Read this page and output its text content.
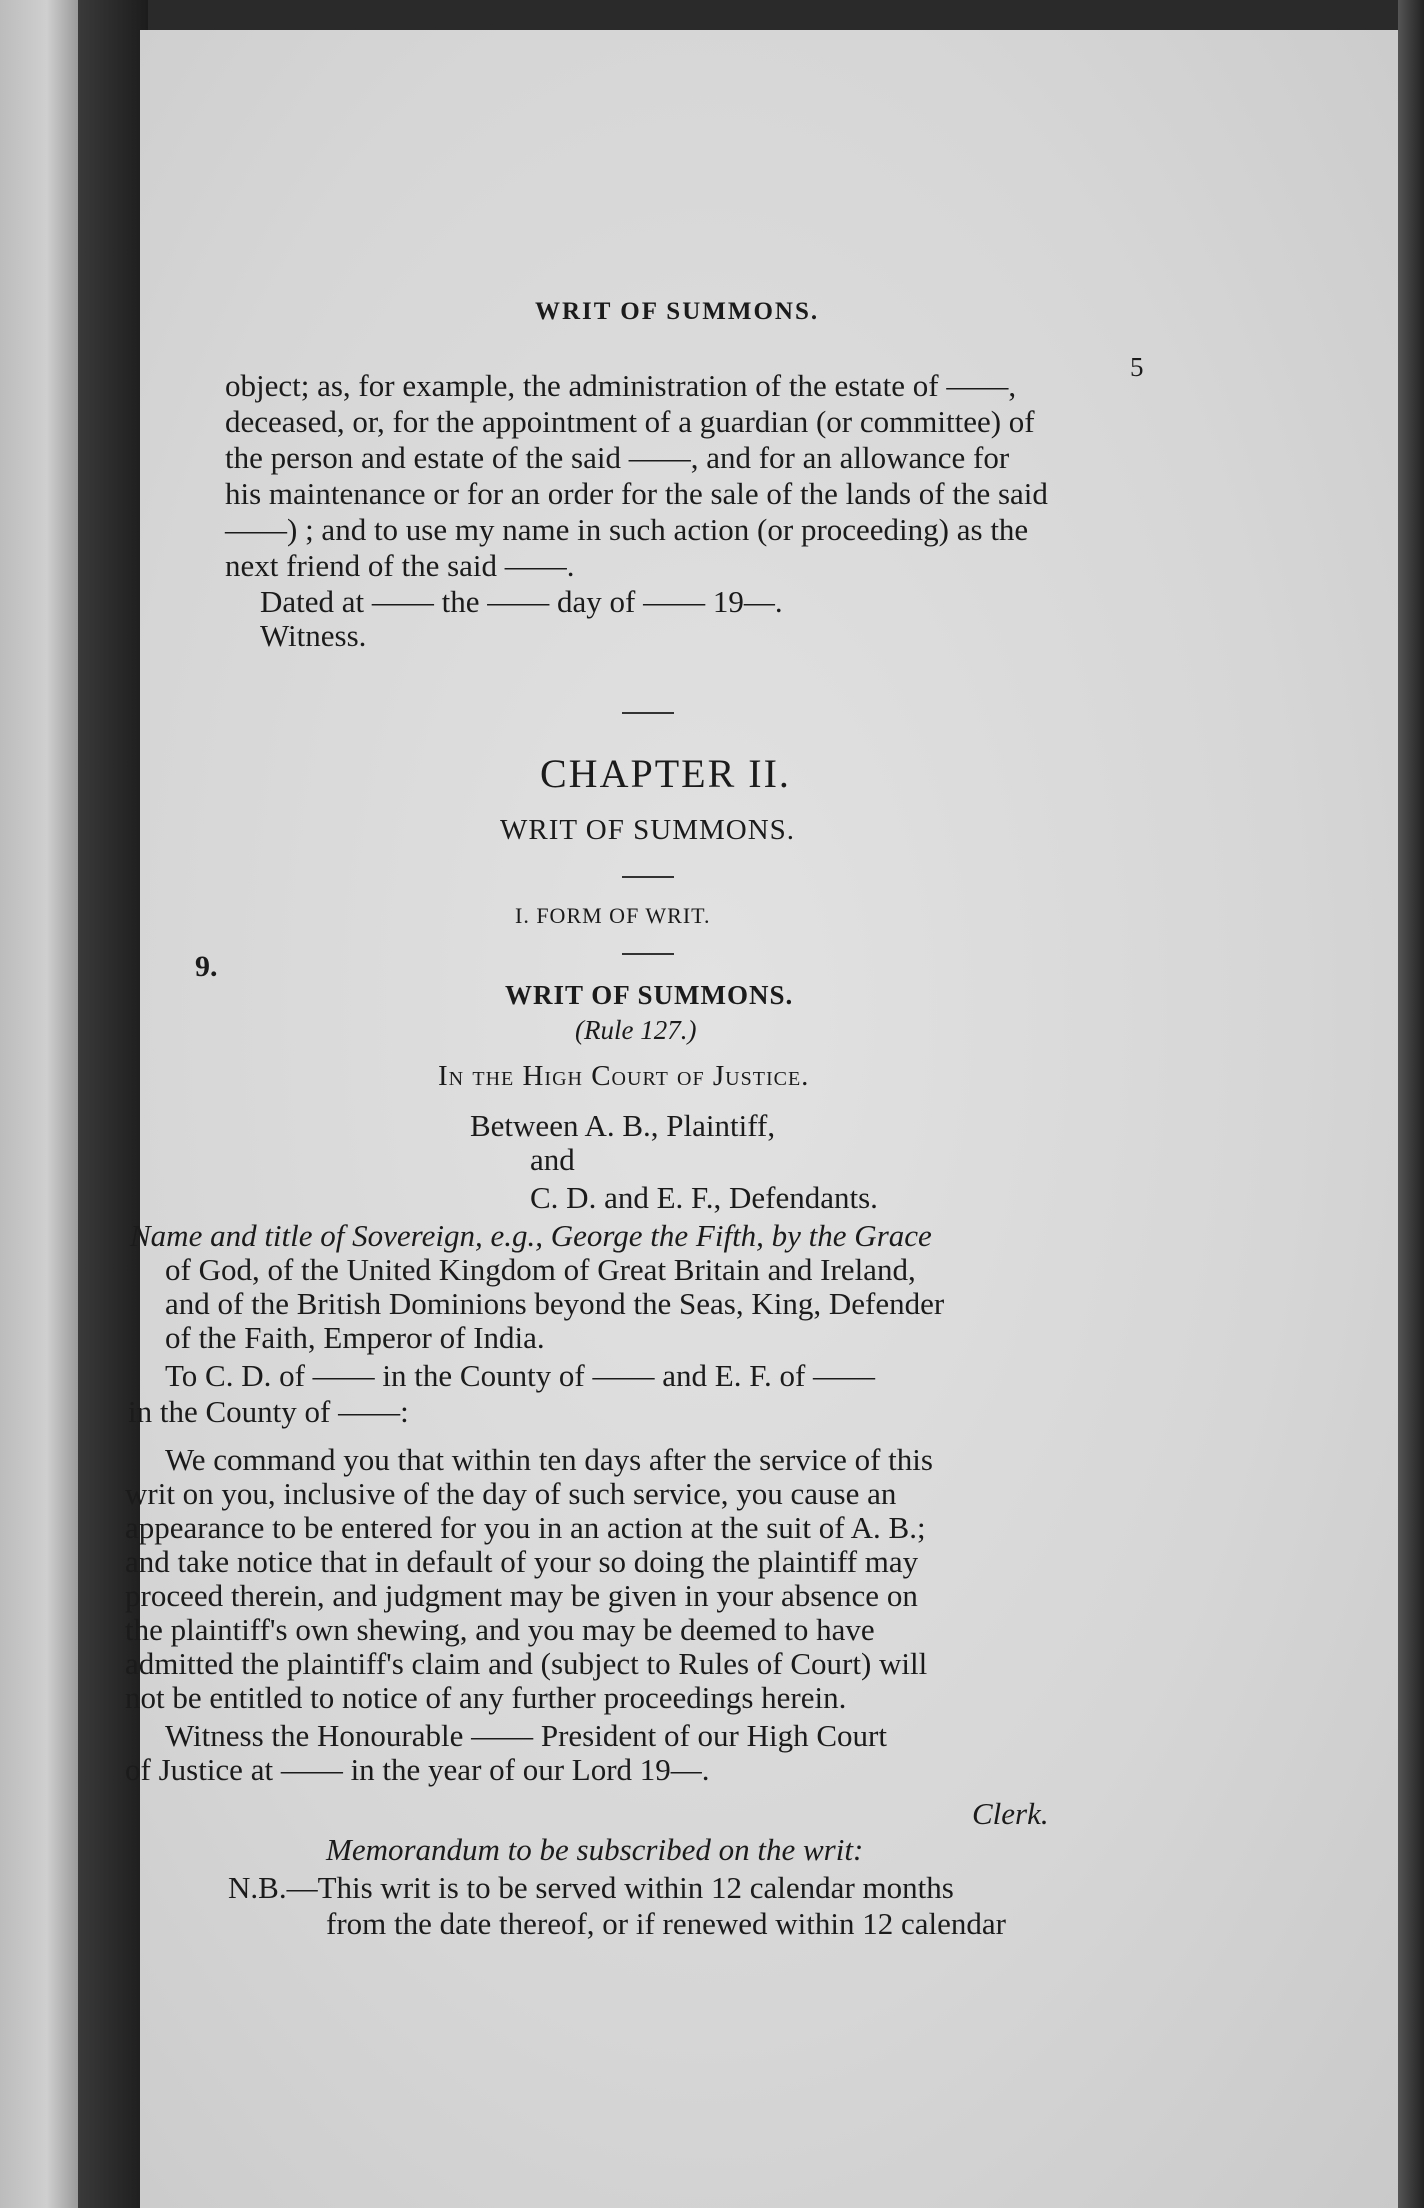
WRIT OF SUMMONS.
5
object; as, for example, the administration of the estate of ——,
deceased, or, for the appointment of a guardian (or committee) of
the person and estate of the said ——, and for an allowance for
his maintenance or for an order for the sale of the lands of the said
——) ; and to use my name in such action (or proceeding) as the
next friend of the said ——.
Dated at —— the —— day of —— 19—.
Witness.
CHAPTER II.
WRIT OF SUMMONS.
I. FORM OF WRIT.
9.
WRIT OF SUMMONS.
(Rule 127.)
In the High Court of Justice.
Between A. B., Plaintiff,
and
C. D. and E. F., Defendants.
Name and title of Sovereign, e.g., George the Fifth, by the Grace
of God, of the United Kingdom of Great Britain and Ireland,
and of the British Dominions beyond the Seas, King, Defender
of the Faith, Emperor of India.
To C. D. of —— in the County of —— and E. F. of ——
in the County of ——:
We command you that within ten days after the service of this
writ on you, inclusive of the day of such service, you cause an
appearance to be entered for you in an action at the suit of A. B.;
and take notice that in default of your so doing the plaintiff may
proceed therein, and judgment may be given in your absence on
the plaintiff's own shewing, and you may be deemed to have
admitted the plaintiff's claim and (subject to Rules of Court) will
not be entitled to notice of any further proceedings herein.
Witness the Honourable —— President of our High Court
of Justice at —— in the year of our Lord 19—.
Clerk.
Memorandum to be subscribed on the writ:
N.B.—This writ is to be served within 12 calendar months
from the date thereof, or if renewed within 12 calendar
